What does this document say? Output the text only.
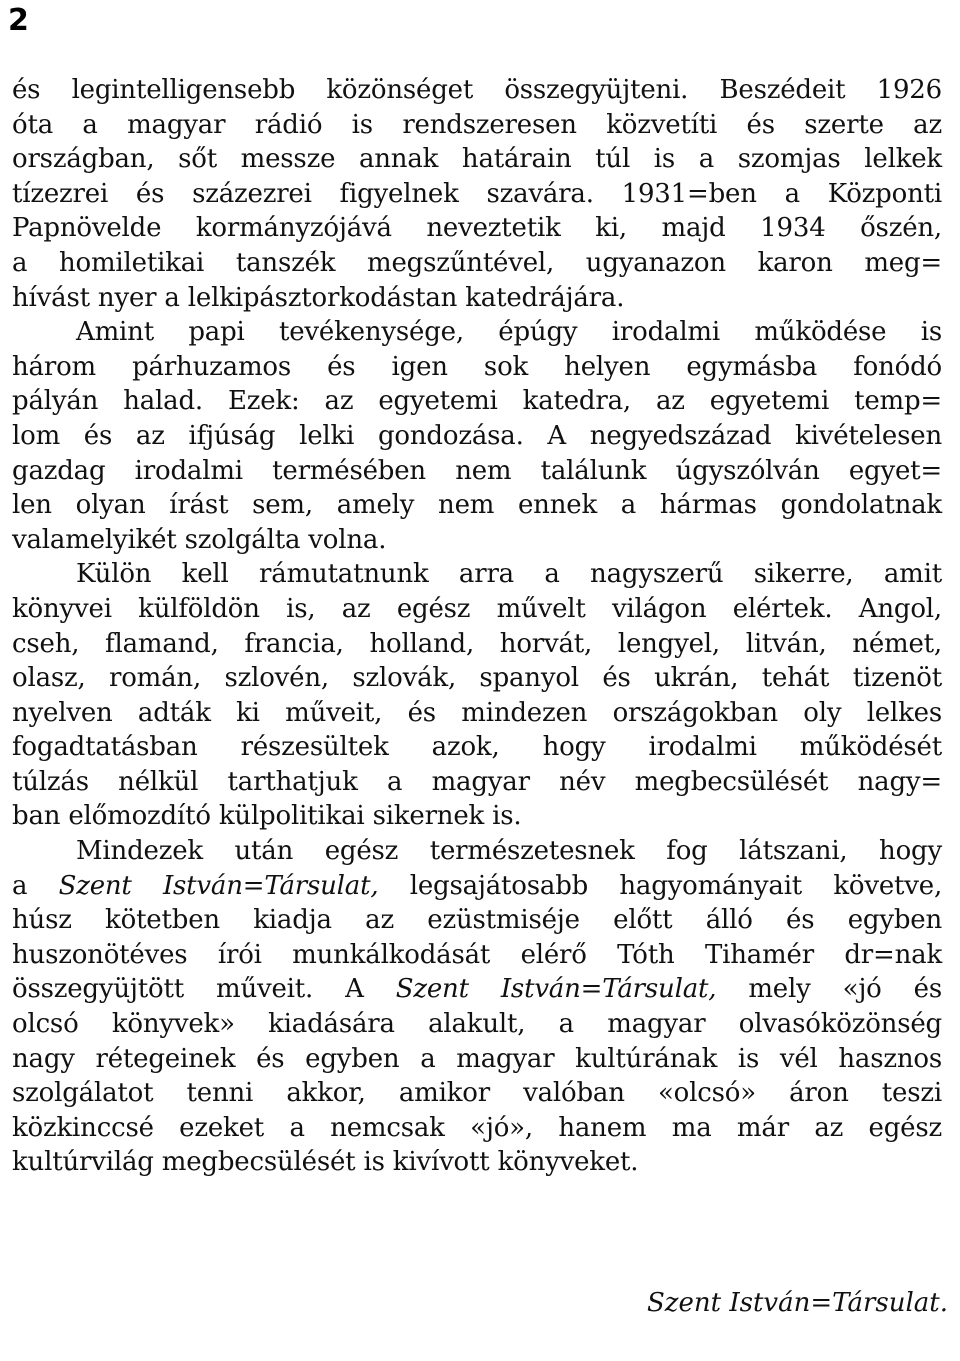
2
és legintelligensebb közönséget összegyüjteni. Beszédeit 1926
óta a magyar rádió is rendszeresen közvetíti és szerte az
országban, sőt messze annak határain túl is a szomjas lelkek
tízezrei és százezrei figyelnek szavára. 1931=ben a Központi
Papnövelde kormányzójává neveztetik ki, majd 1934 őszén,
a homiletikai tanszék megszűntével, ugyanazon karon meg=
hívást nyer a lelkipásztorkodástan katedrájára.
Amint papi tevékenysége, épúgy irodalmi működése is
három párhuzamos és igen sok helyen egymásba fonódó
pályán halad. Ezek: az egyetemi katedra, az egyetemi temp=
lom és az ifjúság lelki gondozása. A negyedszázad kivételesen
gazdag irodalmi termésében nem találunk úgyszólván egyet=
len olyan írást sem, amely nem ennek a hármas gondolatnak
valamelyikét szolgálta volna.
Külön kell rámutatnunk arra a nagyszerű sikerre, amit
könyvei külföldön is, az egész művelt világon elértek. Angol,
cseh, flamand, francia, holland, horvát, lengyel, litván, német,
olasz, román, szlovén, szlovák, spanyol és ukrán, tehát tizenöt
nyelven adták ki műveit, és mindezen országokban oly lelkes
fogadtatásban részesültek azok, hogy irodalmi működését
túlzás nélkül tarthatjuk a magyar név megbecsülését nagy=
ban előmozdító külpolitikai sikernek is.
Mindezek után egész természetesnek fog látszani, hogy
a Szent István=Társulat, legsajátosabb hagyományait követve,
húsz kötetben kiadja az ezüstmiséje előtt álló és egyben
huszonötéves írói munkálkodását elérő Tóth Tihamér dr=nak
összegyüjtött műveit. A Szent István=Társulat, mely «jó és
olcsó könyvek» kiadására alakult, a magyar olvasóközönség
nagy rétegeinek és egyben a magyar kultúrának is vél hasznos
szolgálatot tenni akkor, amikor valóban «olcsó» áron teszi
közkinccsé ezeket a nemcsak «jó», hanem ma már az egész
kultúrvilág megbecsülését is kivívott könyveket.
Szent István=Társulat.
